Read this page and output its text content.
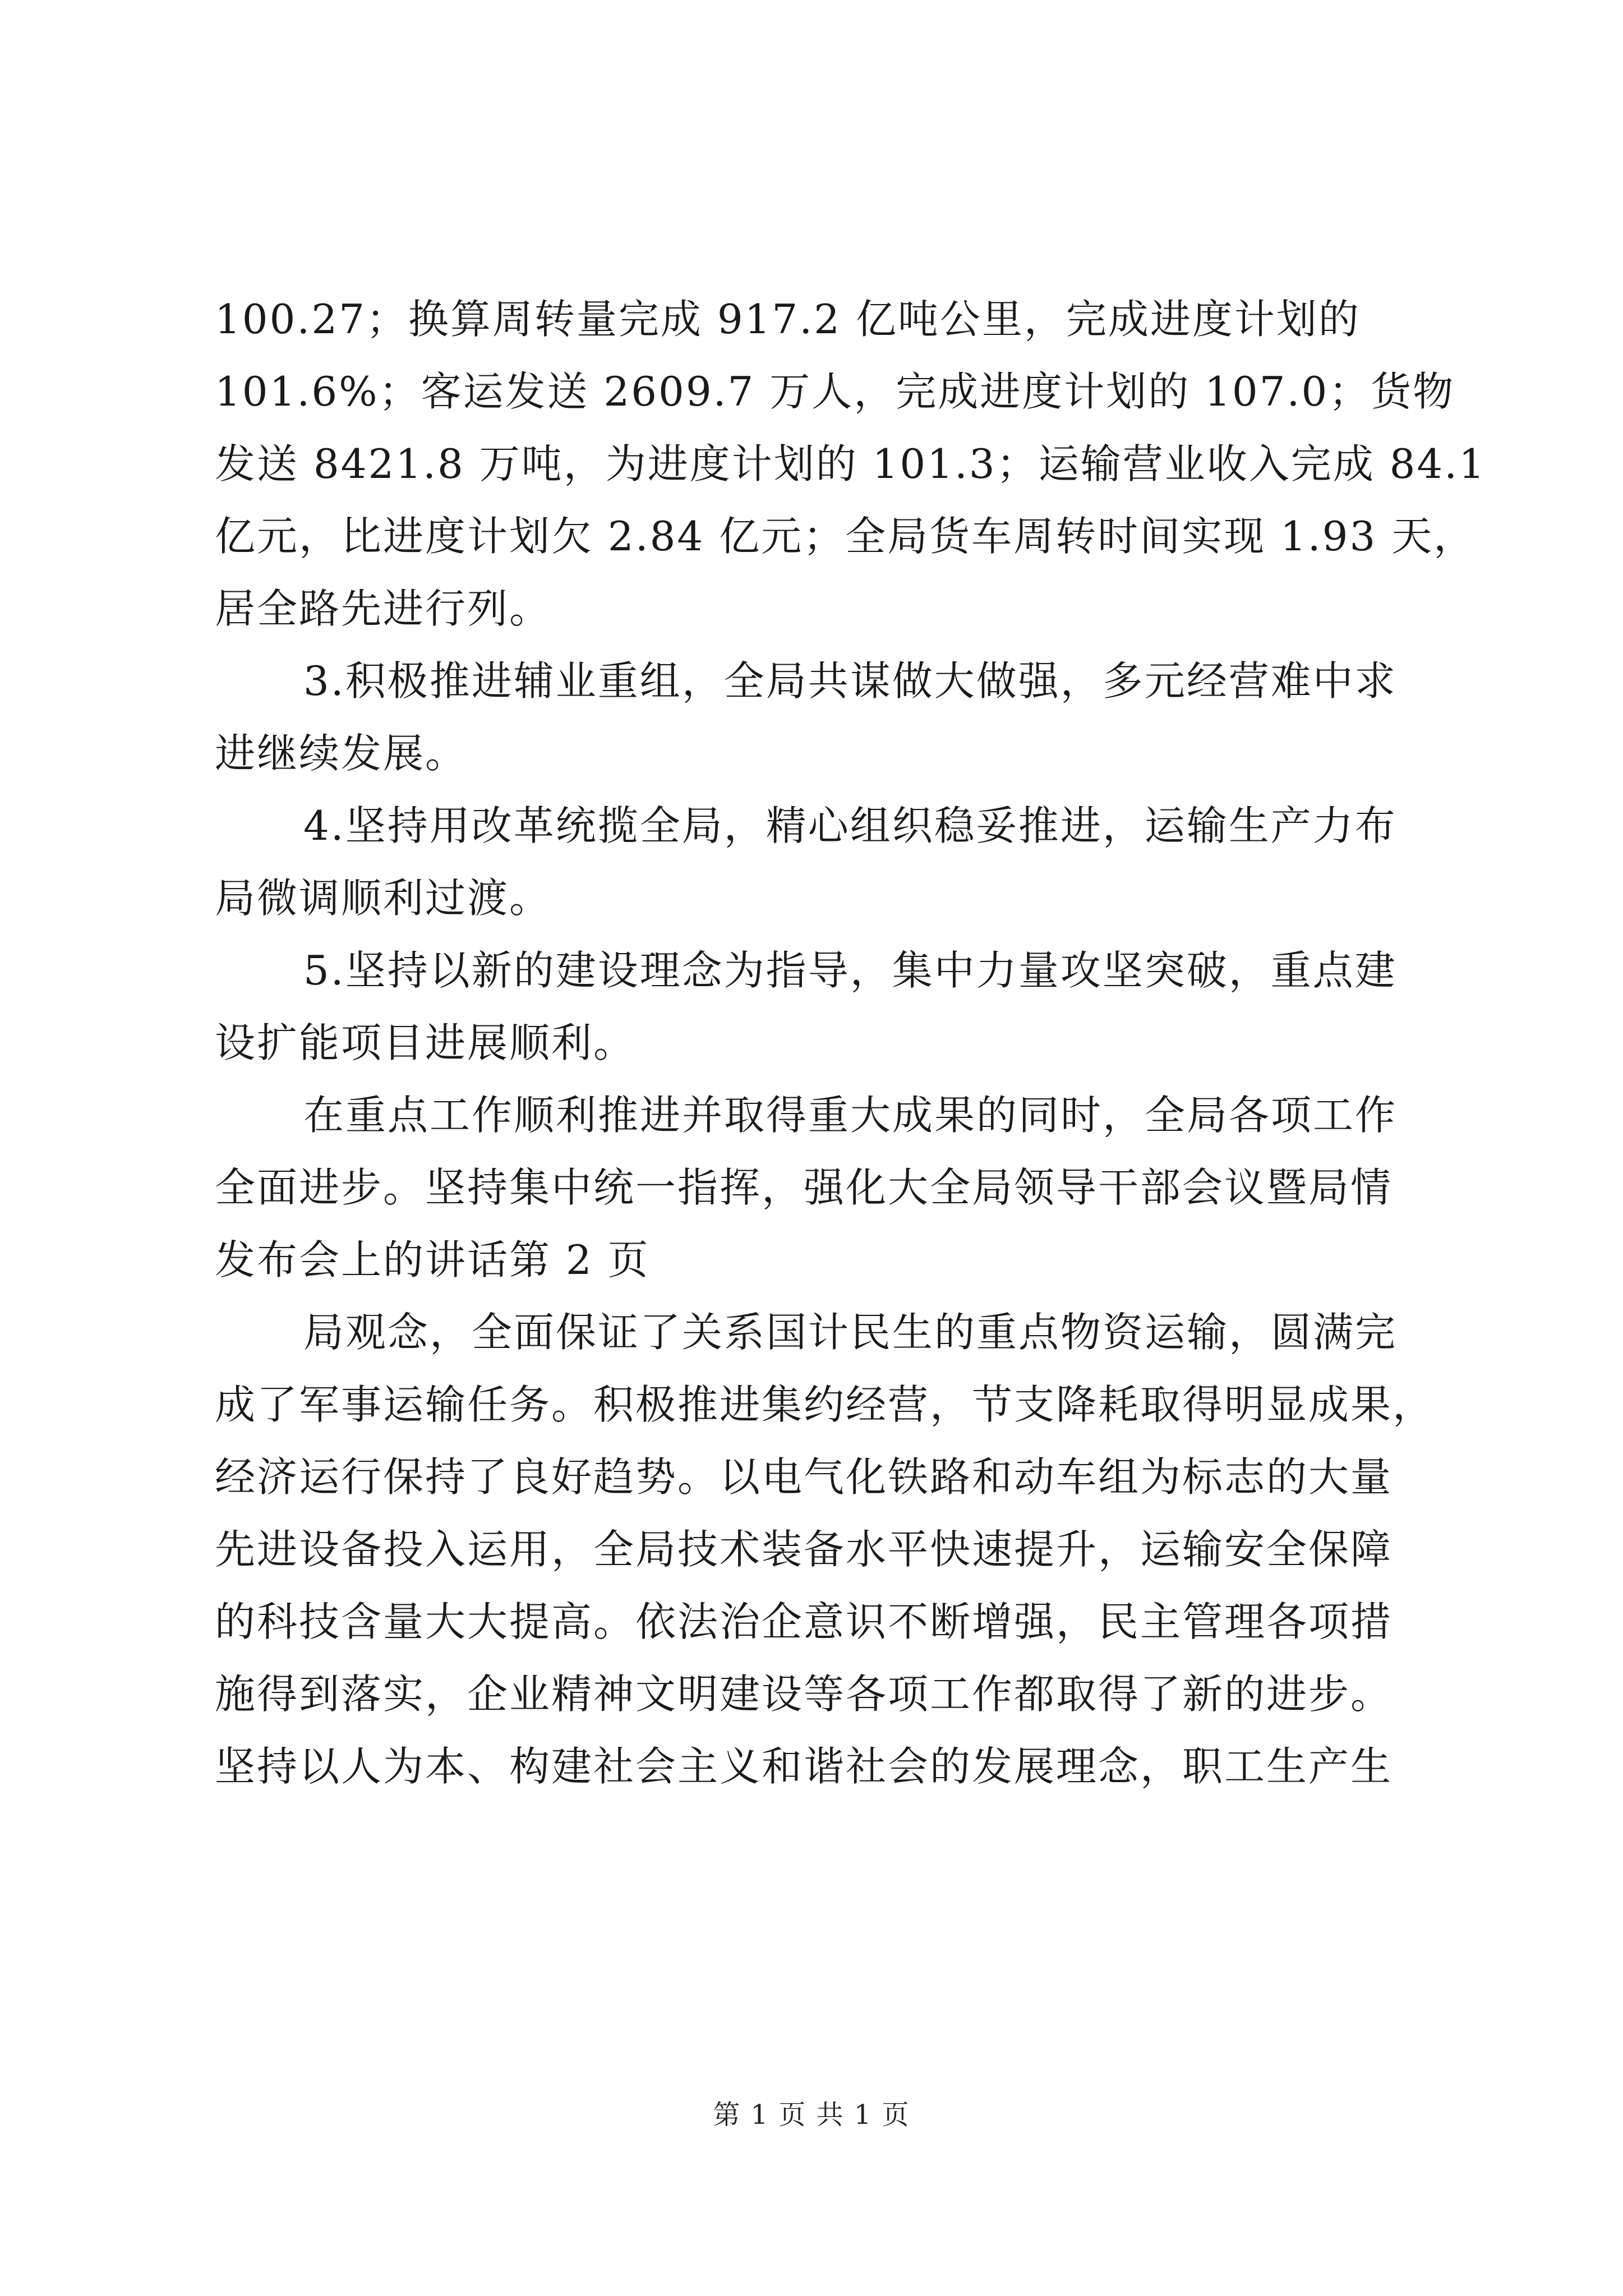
100.27；换算周转量完成 917.2 亿吨公里，完成进度计划的
101.6%；客运发送 2609.7 万人，完成进度计划的 107.0；货物
发送 8421.8 万吨，为进度计划的 101.3；运输营业收入完成 84.1
亿元，比进度计划欠 2.84 亿元；全局货车周转时间实现 1.93 天，
居全路先进行列。
3.积极推进辅业重组，全局共谋做大做强，多元经营难中求
进继续发展。
4.坚持用改革统揽全局，精心组织稳妥推进，运输生产力布
局微调顺利过渡。
5.坚持以新的建设理念为指导，集中力量攻坚突破，重点建
设扩能项目进展顺利。
在重点工作顺利推进并取得重大成果的同时，全局各项工作
全面进步。坚持集中统一指挥，强化大全局领导干部会议暨局情
发布会上的讲话第 2 页
局观念，全面保证了关系国计民生的重点物资运输，圆满完
成了军事运输任务。积极推进集约经营，节支降耗取得明显成果，
经济运行保持了良好趋势。以电气化铁路和动车组为标志的大量
先进设备投入运用，全局技术装备水平快速提升，运输安全保障
的科技含量大大提高。依法治企意识不断增强，民主管理各项措
施得到落实，企业精神文明建设等各项工作都取得了新的进步。
坚持以人为本、构建社会主义和谐社会的发展理念，职工生产生
第 1 页 共 1 页
